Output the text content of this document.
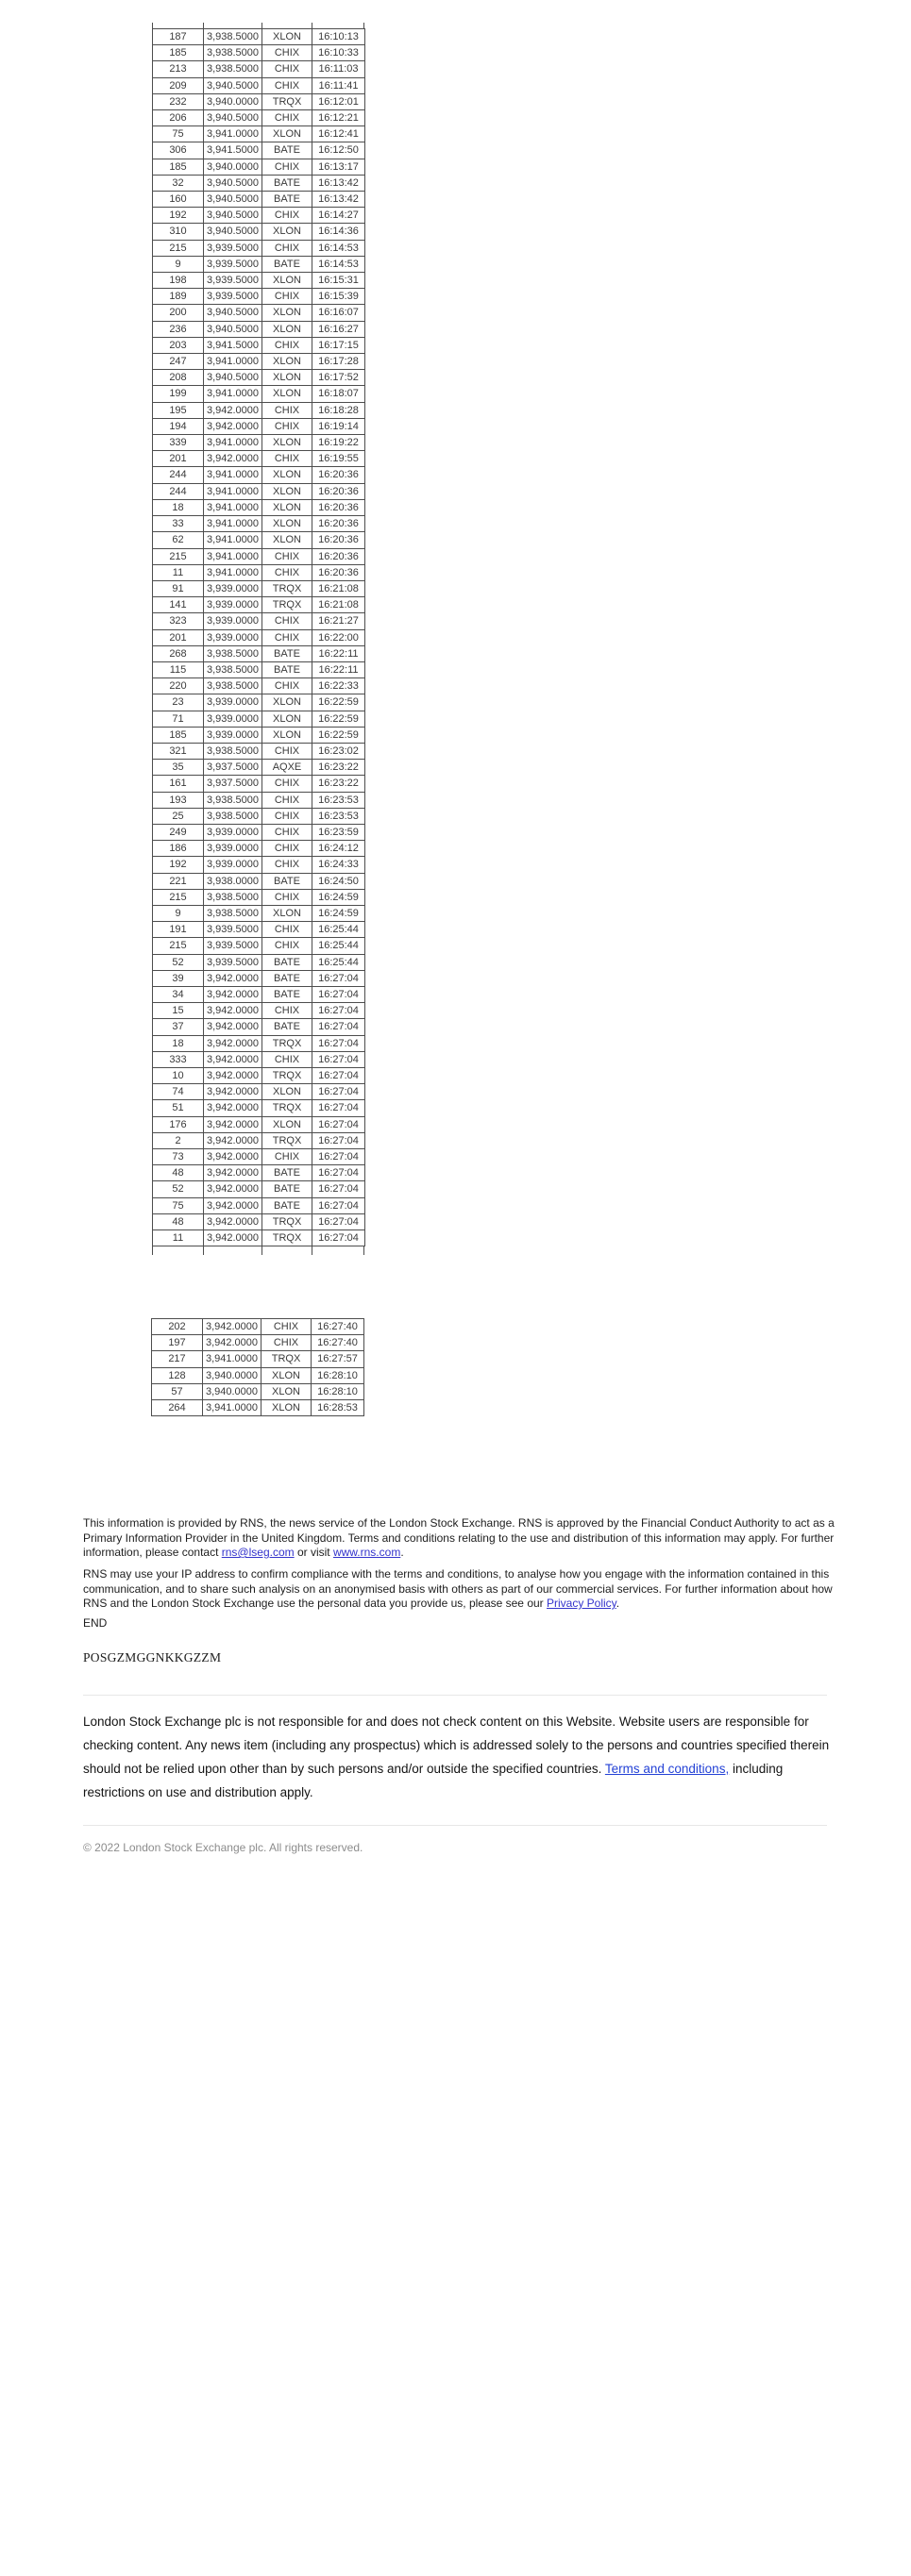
187	3,938.5000	XLON	16:10:13
185	3,938.5000	CHIX	16:10:33
213	3,938.5000	CHIX	16:11:03
209	3,940.5000	CHIX	16:11:41
232	3,940.0000	TRQX	16:12:01
206	3,940.5000	CHIX	16:12:21
75	3,941.0000	XLON	16:12:41
306	3,941.5000	BATE	16:12:50
185	3,940.0000	CHIX	16:13:17
32	3,940.5000	BATE	16:13:42
160	3,940.5000	BATE	16:13:42
192	3,940.5000	CHIX	16:14:27
310	3,940.5000	XLON	16:14:36
215	3,939.5000	CHIX	16:14:53
9	3,939.5000	BATE	16:14:53
198	3,939.5000	XLON	16:15:31
189	3,939.5000	CHIX	16:15:39
200	3,940.5000	XLON	16:16:07
236	3,940.5000	XLON	16:16:27
203	3,941.5000	CHIX	16:17:15
247	3,941.0000	XLON	16:17:28
208	3,940.5000	XLON	16:17:52
199	3,941.0000	XLON	16:18:07
195	3,942.0000	CHIX	16:18:28
194	3,942.0000	CHIX	16:19:14
339	3,941.0000	XLON	16:19:22
201	3,942.0000	CHIX	16:19:55
244	3,941.0000	XLON	16:20:36
244	3,941.0000	XLON	16:20:36
18	3,941.0000	XLON	16:20:36
33	3,941.0000	XLON	16:20:36
62	3,941.0000	XLON	16:20:36
215	3,941.0000	CHIX	16:20:36
11	3,941.0000	CHIX	16:20:36
91	3,939.0000	TRQX	16:21:08
141	3,939.0000	TRQX	16:21:08
323	3,939.0000	CHIX	16:21:27
201	3,939.0000	CHIX	16:22:00
268	3,938.5000	BATE	16:22:11
115	3,938.5000	BATE	16:22:11
220	3,938.5000	CHIX	16:22:33
23	3,939.0000	XLON	16:22:59
71	3,939.0000	XLON	16:22:59
185	3,939.0000	XLON	16:22:59
321	3,938.5000	CHIX	16:23:02
35	3,937.5000	AQXE	16:23:22
161	3,937.5000	CHIX	16:23:22
193	3,938.5000	CHIX	16:23:53
25	3,938.5000	CHIX	16:23:53
249	3,939.0000	CHIX	16:23:59
186	3,939.0000	CHIX	16:24:12
192	3,939.0000	CHIX	16:24:33
221	3,938.0000	BATE	16:24:50
215	3,938.5000	CHIX	16:24:59
9	3,938.5000	XLON	16:24:59
191	3,939.5000	CHIX	16:25:44
215	3,939.5000	CHIX	16:25:44
52	3,939.5000	BATE	16:25:44
39	3,942.0000	BATE	16:27:04
34	3,942.0000	BATE	16:27:04
15	3,942.0000	CHIX	16:27:04
37	3,942.0000	BATE	16:27:04
18	3,942.0000	TRQX	16:27:04
333	3,942.0000	CHIX	16:27:04
10	3,942.0000	TRQX	16:27:04
74	3,942.0000	XLON	16:27:04
51	3,942.0000	TRQX	16:27:04
176	3,942.0000	XLON	16:27:04
2	3,942.0000	TRQX	16:27:04
73	3,942.0000	CHIX	16:27:04
48	3,942.0000	BATE	16:27:04
52	3,942.0000	BATE	16:27:04
75	3,942.0000	BATE	16:27:04
48	3,942.0000	TRQX	16:27:04
11	3,942.0000	TRQX	16:27:04
202	3,942.0000	CHIX	16:27:40
197	3,942.0000	CHIX	16:27:40
217	3,941.0000	TRQX	16:27:57
128	3,940.0000	XLON	16:28:10
57	3,940.0000	XLON	16:28:10
264	3,941.0000	XLON	16:28:53

This information is provided by RNS, the news service of the London Stock Exchange. RNS is approved by the Financial Conduct Authority to act as a Primary Information Provider in the United Kingdom. Terms and conditions relating to the use and distribution of this information may apply. For further information, please contact rns@lseg.com or visit www.rns.com.

RNS may use your IP address to confirm compliance with the terms and conditions, to analyse how you engage with the information contained in this communication, and to share such analysis on an anonymised basis with others as part of our commercial services. For further information about how RNS and the London Stock Exchange use the personal data you provide us, please see our Privacy Policy.

END
POSGZMGGNKKGZZM

London Stock Exchange plc is not responsible for and does not check content on this Website. Website users are responsible for checking content. Any news item (including any prospectus) which is addressed solely to the persons and countries specified therein should not be relied upon other than by such persons and/or outside the specified countries. Terms and conditions, including restrictions on use and distribution apply.

© 2022 London Stock Exchange plc. All rights reserved.
